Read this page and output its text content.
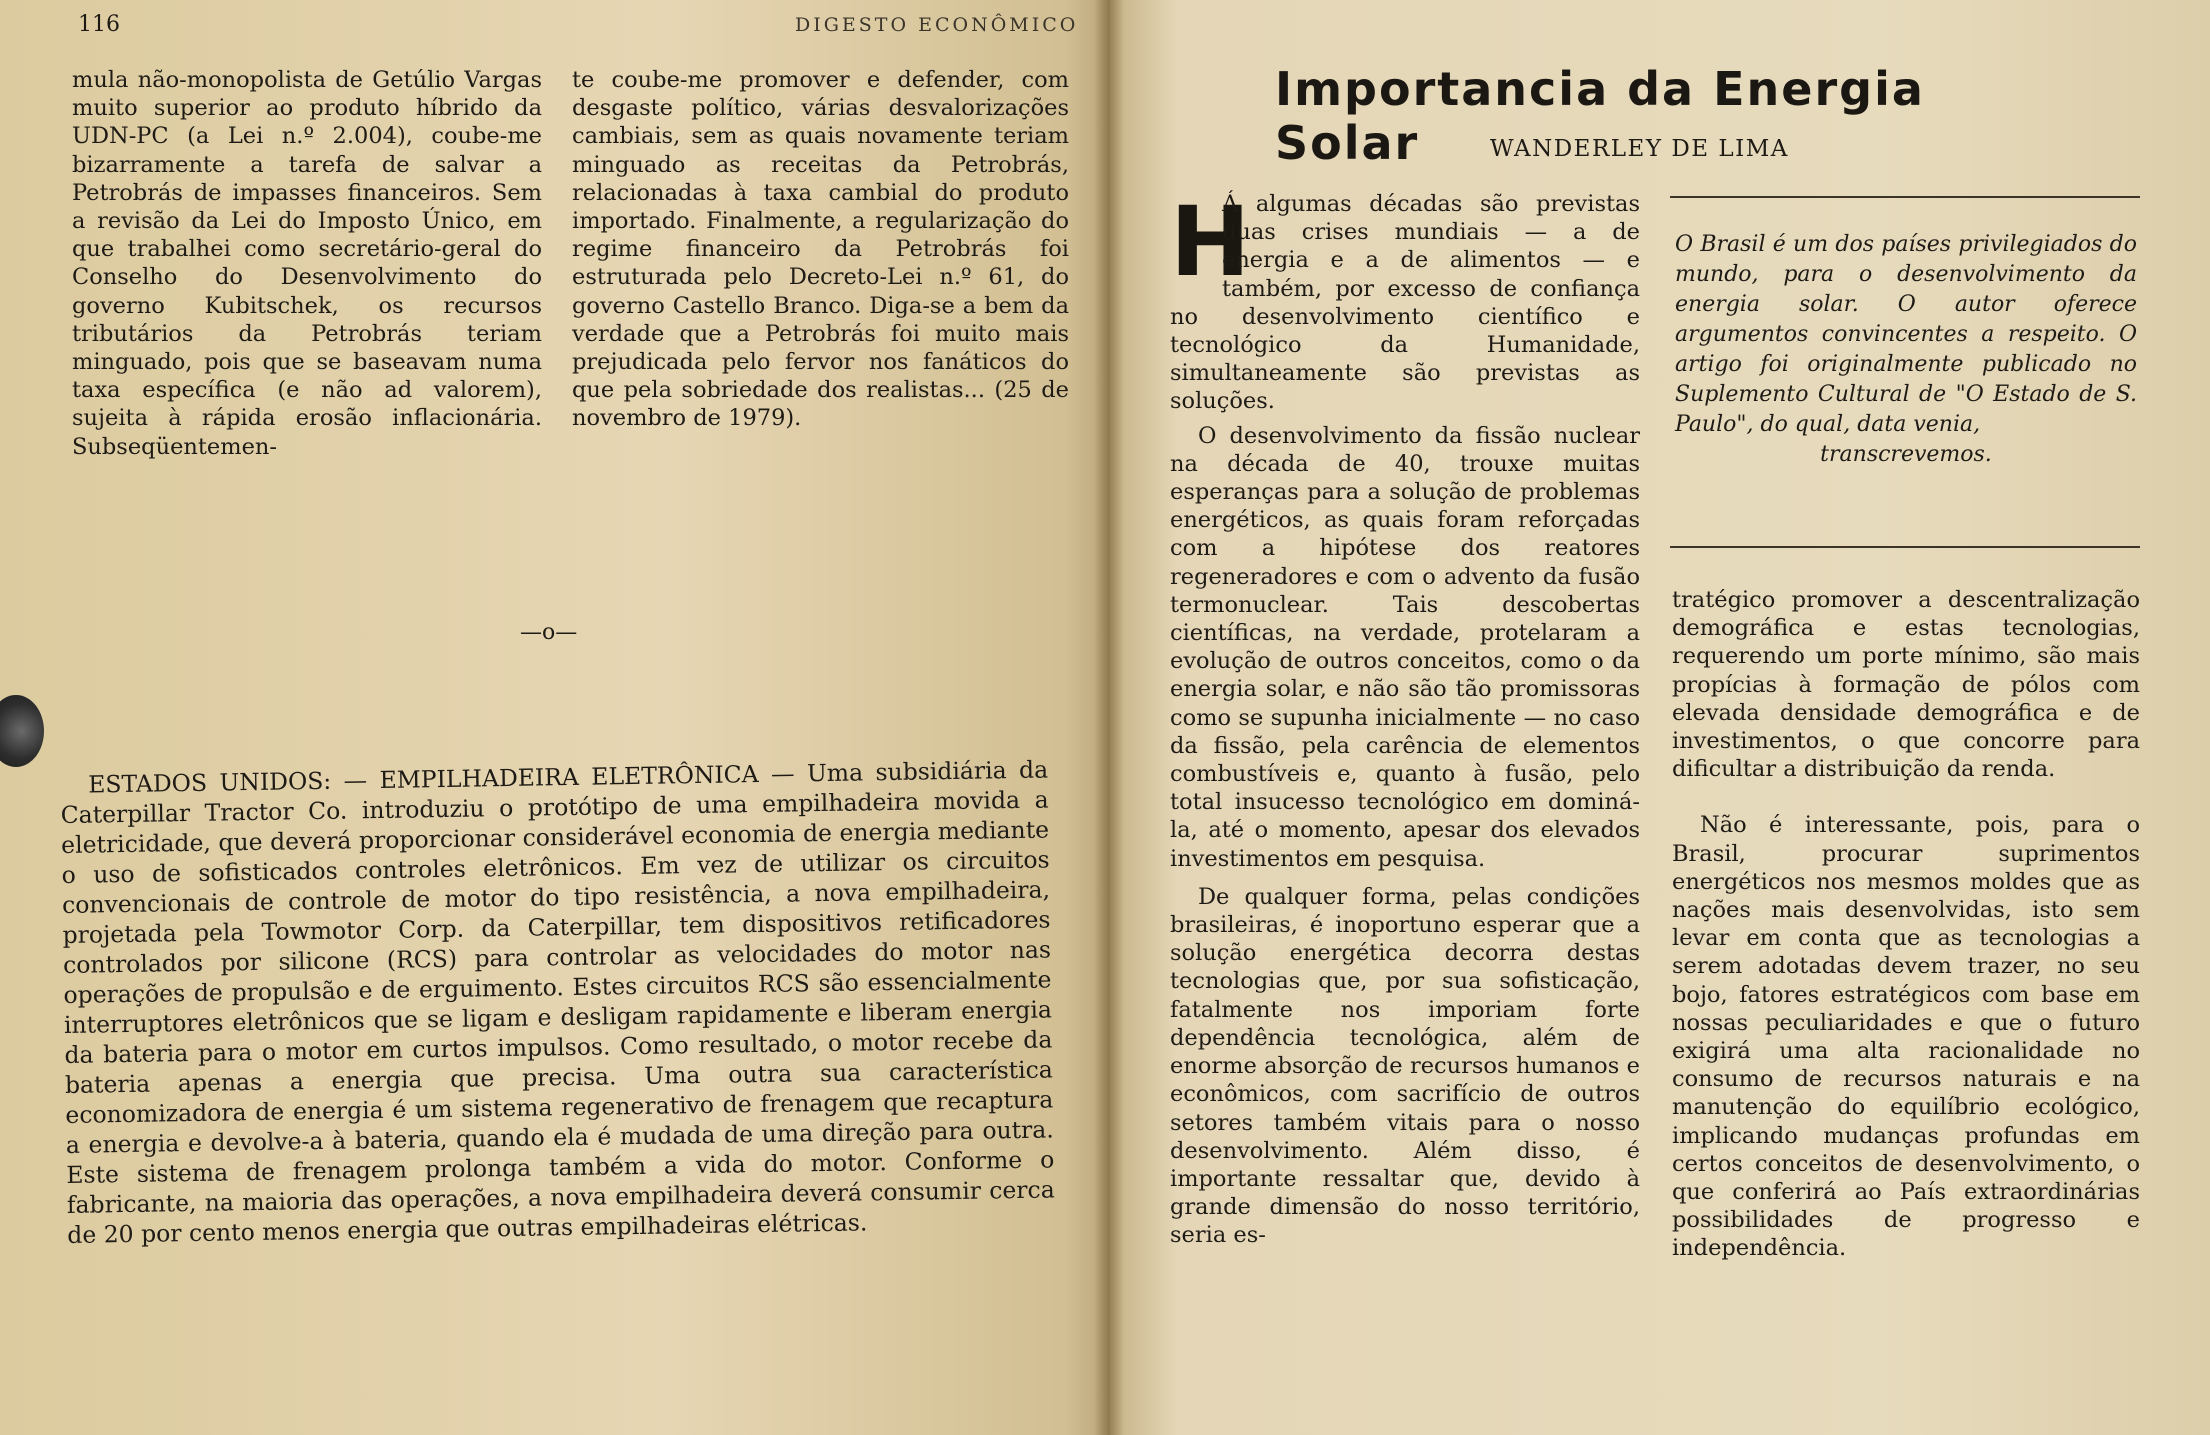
116	DIGESTO ECONÔMICO

mula não-monopolista de Getúlio Vargas muito superior ao produto híbrido da UDN-PC (a Lei n.º 2.004), coube-me bizarramente a tarefa de salvar a Petrobrás de impasses financeiros. Sem a revisão da Lei do Imposto Único, em que trabalhei como secretário-geral do Conselho do Desenvolvimento do governo Kubitschek, os recursos tributários da Petrobrás teriam minguado, pois que se baseavam numa taxa específica (e não ad valorem), sujeita à rápida erosão inflacionária. Subseqüentemen-

te coube-me promover e defender, com desgaste político, várias desvalorizações cambiais, sem as quais novamente teriam minguado as receitas da Petrobrás, relacionadas à taxa cambial do produto importado. Finalmente, a regularização do regime financeiro da Petrobrás foi estruturada pelo Decreto-Lei n.º 61, do governo Castello Branco. Diga-se a bem da verdade que a Petrobrás foi muito mais prejudicada pelo fervor nos fanáticos do que pela sobriedade dos realistas... (25 de novembro de 1979).

—o—

ESTADOS UNIDOS: — EMPILHADEIRA ELETRÔNICA — Uma subsidiária da Caterpillar Tractor Co. introduziu o protótipo de uma empilhadeira movida a eletricidade, que deverá proporcionar considerável economia de energia mediante o uso de sofisticados controles eletrônicos. Em vez de utilizar os circuitos convencionais de controle de motor do tipo resistência, a nova empilhadeira, projetada pela Towmotor Corp. da Caterpillar, tem dispositivos retificadores controlados por silicone (RCS) para controlar as velocidades do motor nas operações de propulsão e de erguimento. Estes circuitos RCS são essencialmente interruptores eletrônicos que se ligam e desligam rapidamente e liberam energia da bateria para o motor em curtos impulsos. Como resultado, o motor recebe da bateria apenas a energia que precisa. Uma outra sua característica economizadora de energia é um sistema regenerativo de frenagem que recaptura a energia e devolve-a à bateria, quando ela é mudada de uma direção para outra. Este sistema de frenagem prolonga também a vida do motor. Conforme o fabricante, na maioria das operações, a nova empilhadeira deverá consumir cerca de 20 por cento menos energia que outras empilhadeiras elétricas.

Importancia da Energia Solar	WANDERLEY DE LIMA

H
Á algumas décadas são previstas duas crises mundiais — a de energia e a de alimentos — e também, por excesso de confiança no desenvolvimento científico e tecnológico da Humanidade, simultaneamente são previstas as soluções.

O desenvolvimento da fissão nuclear na década de 40, trouxe muitas esperanças para a solução de problemas energéticos, as quais foram reforçadas com a hipótese dos reatores regeneradores e com o advento da fusão termonuclear. Tais descobertas científicas, na verdade, protelaram a evolução de outros conceitos, como o da energia solar, e não são tão promissoras como se supunha inicialmente — no caso da fissão, pela carência de elementos combustíveis e, quanto à fusão, pelo total insucesso tecnológico em dominá-la, até o momento, apesar dos elevados investimentos em pesquisa.

De qualquer forma, pelas condições brasileiras, é inoportuno esperar que a solução energética decorra destas tecnologias que, por sua sofisticação, fatalmente nos imporiam forte dependência tecnológica, além de enorme absorção de recursos humanos e econômicos, com sacrifício de outros setores também vitais para o nosso desenvolvimento. Além disso, é importante ressaltar que, devido à grande dimensão do nosso território, seria es-

O Brasil é um dos países privilegiados do mundo, para o desenvolvimento da energia solar. O autor oferece argumentos convincentes a respeito. O artigo foi originalmente publicado no Suplemento Cultural de "O Estado de S. Paulo", do qual, data venia,
transcrevemos.

tratégico promover a descentralização demográfica e estas tecnologias, requerendo um porte mínimo, são mais propícias à formação de pólos com elevada densidade demográfica e de investimentos, o que concorre para dificultar a distribuição da renda.

Não é interessante, pois, para o Brasil, procurar suprimentos energéticos nos mesmos moldes que as nações mais desenvolvidas, isto sem levar em conta que as tecnologias a serem adotadas devem trazer, no seu bojo, fatores estratégicos com base em nossas peculiaridades e que o futuro exigirá uma alta racionalidade no consumo de recursos naturais e na manutenção do equilíbrio ecológico, implicando mudanças profundas em certos conceitos de desenvolvimento, o que conferirá ao País extraordinárias possibilidades de progresso e independência.
